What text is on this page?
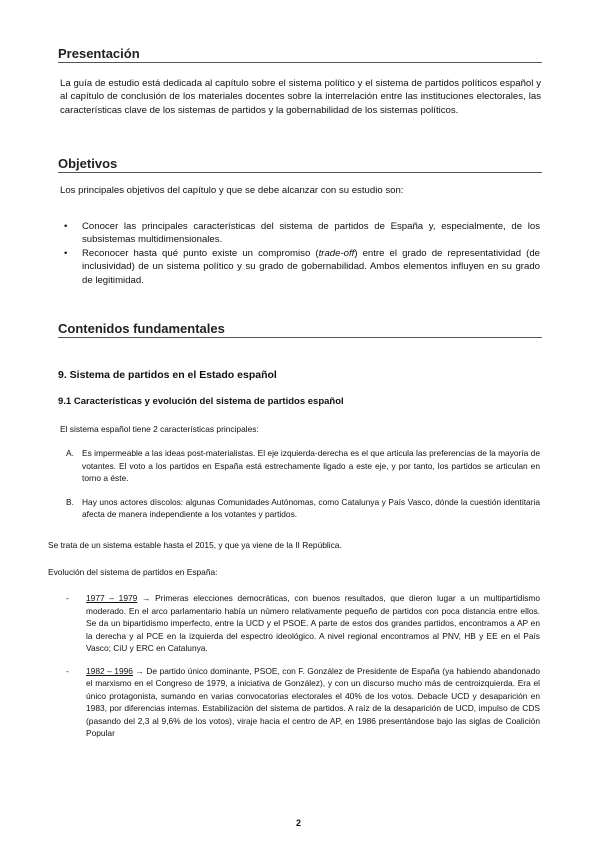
Presentación

La guía de estudio está dedicada al capítulo sobre el sistema político y el sistema de partidos políticos español y al capítulo de conclusión de los materiales docentes sobre la interrelación entre las instituciones electorales, las características clave de los sistemas de partidos y la gobernabilidad de los sistemas políticos.

Objetivos

Los principales objetivos del capítulo y que se debe alcanzar con su estudio son:

• Conocer las principales características del sistema de partidos de España y, especialmente, de los subsistemas multidimensionales.
• Reconocer hasta qué punto existe un compromiso (trade-off) entre el grado de representatividad (de inclusividad) de un sistema político y su grado de gobernabilidad. Ambos elementos influyen en su grado de legitimidad.
Contenidos fundamentales
9. Sistema de partidos en el Estado español
9.1 Características y evolución del sistema de partidos español

El sistema español tiene 2 características principales:

A. Es impermeable a las ideas post-materialistas. El eje izquierda-derecha es el que articula las preferencias de la mayoría de votantes. El voto a los partidos en España está estrechamente ligado a este eje, y por tanto, los partidos se articulan en torno a éste.
B. Hay unos actores díscolos: algunas Comunidades Autónomas, como Catalunya y País Vasco, dónde la cuestión identitaria afecta de manera independiente a los votantes y partidos.

Se trata de un sistema estable hasta el 2015, y que ya viene de la II República.

Evolución del sistema de partidos en España:

- 1977 – 1979 → Primeras elecciones democráticas, con buenos resultados, que dieron lugar a un multipartidismo moderado. En el arco parlamentario había un número relativamente pequeño de partidos con poca distancia entre ellos. Se da un bipartidismo imperfecto, entre la UCD y el PSOE. A parte de estos dos grandes partidos, encontramos a AP en la derecha y al PCE en la izquierda del espectro ideológico. A nivel regional encontramos al PNV, HB y EE en el País Vasco; CiU y ERC en Catalunya.
- 1982 – 1996 → De partido único dominante, PSOE, con F. González de Presidente de España (ya habiendo abandonado el marxismo en el Congreso de 1979, a iniciativa de González), y con un discurso mucho más de centroizquierda. Era el único protagonista, sumando en varias convocatorias electorales el 40% de los votos. Debacle UCD y desaparición en 1983, por diferencias internas. Estabilización del sistema de partidos. A raíz de la desaparición de UCD, impulso de CDS (pasando del 2,3 al 9,6% de los votos), viraje hacia el centro de AP, en 1986 presentándose bajo las siglas de Coalición Popular
2
